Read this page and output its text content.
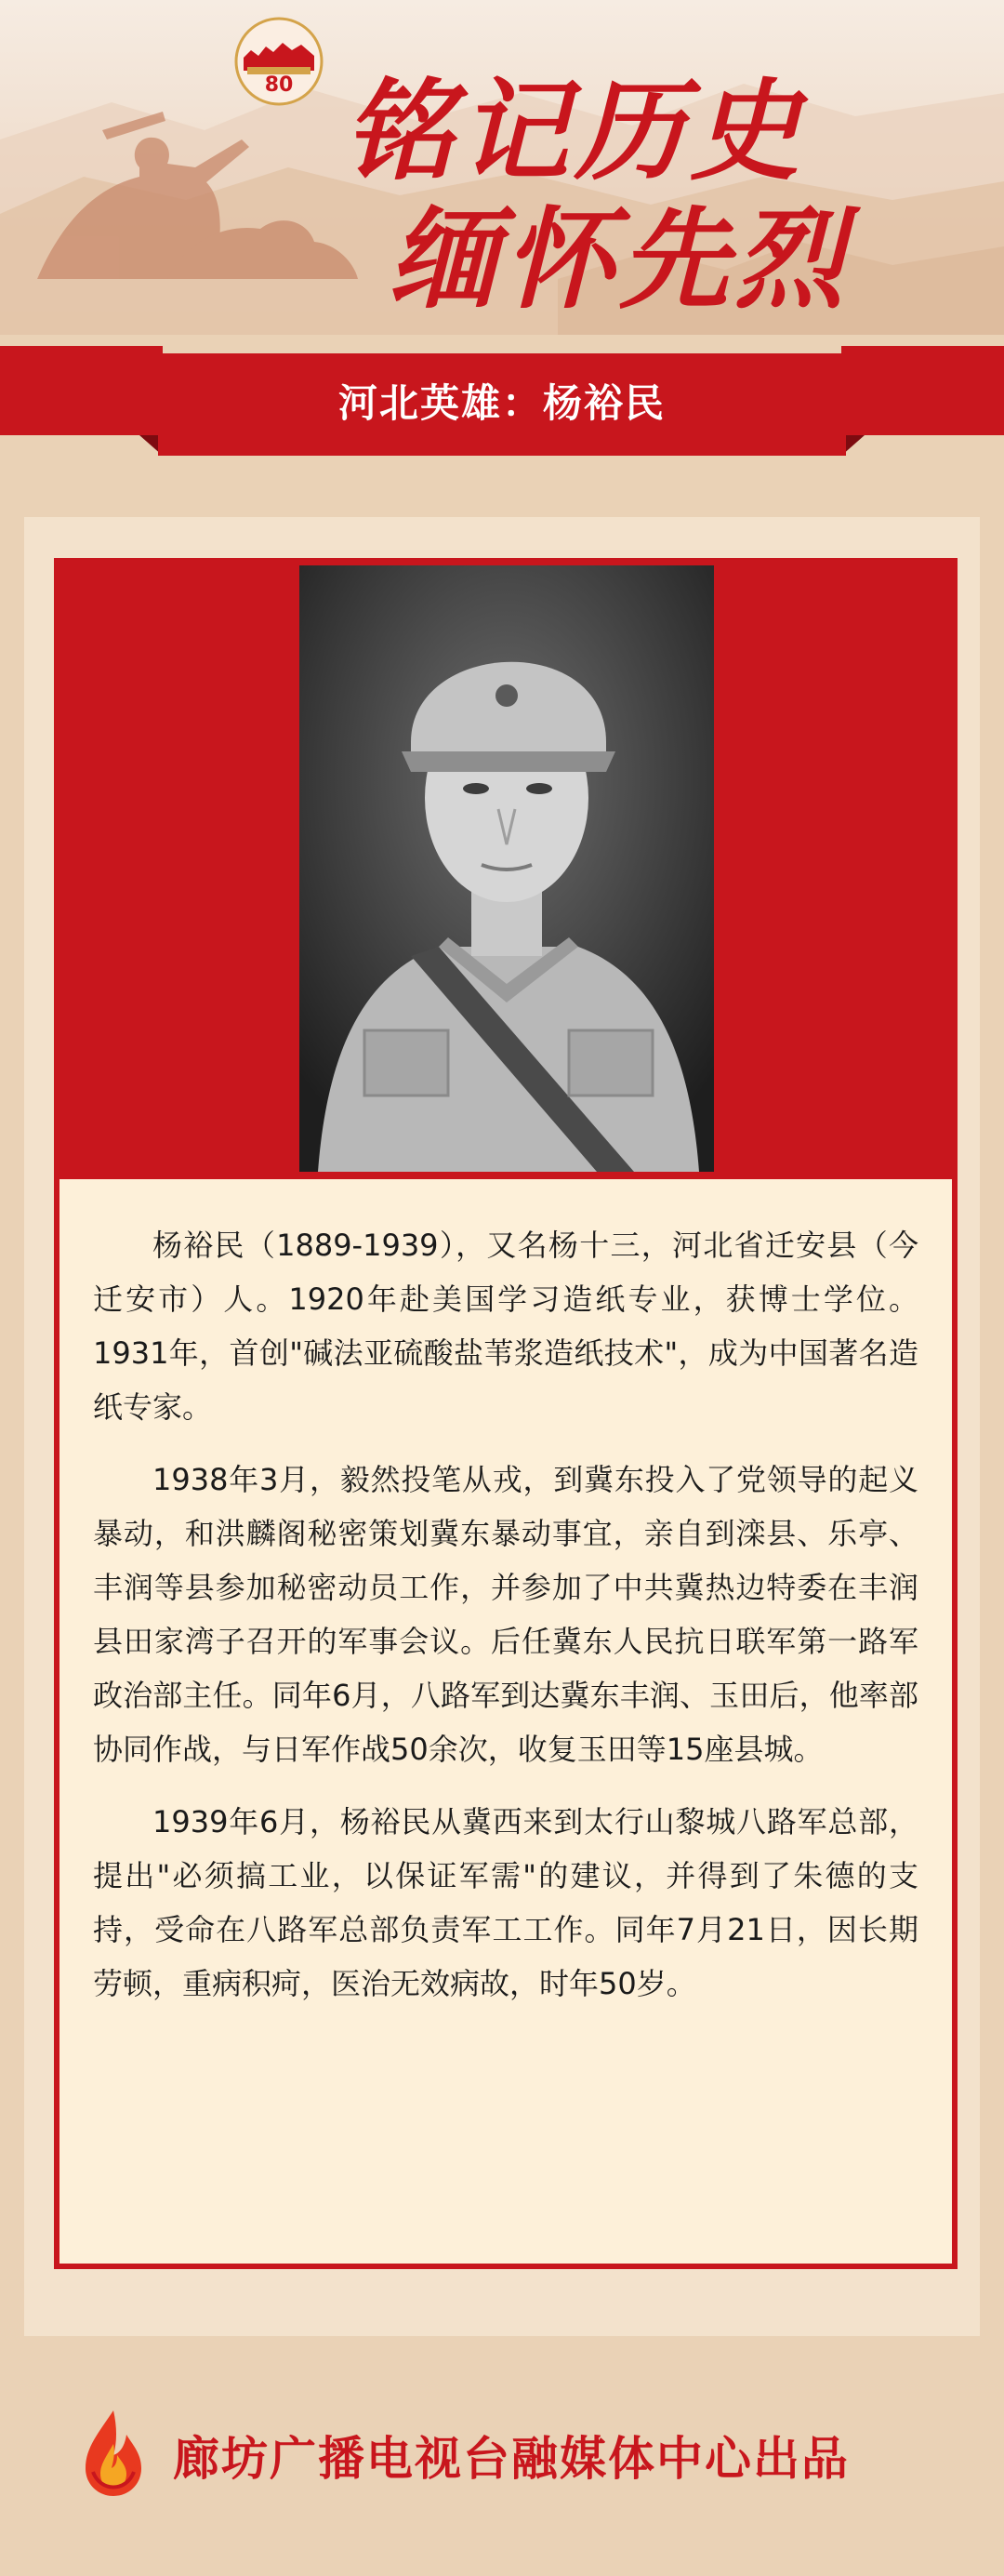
80 铭记历史
缅怀先烈
河北英雄：杨裕民

杨裕民（1889-1939），又名杨十三，河北省迁安县（今迁安市）人。1920年赴美国学习造纸专业，获博士学位。1931年，首创"碱法亚硫酸盐苇浆造纸技术"，成为中国著名造纸专家。

1938年3月，毅然投笔从戎，到冀东投入了党领导的起义暴动，和洪麟阁秘密策划冀东暴动事宜，亲自到滦县、乐亭、丰润等县参加秘密动员工作，并参加了中共冀热边特委在丰润县田家湾子召开的军事会议。后任冀东人民抗日联军第一路军政治部主任。同年6月，八路军到达冀东丰润、玉田后，他率部协同作战，与日军作战50余次，收复玉田等15座县城。

1939年6月，杨裕民从冀西来到太行山黎城八路军总部，提出"必须搞工业，以保证军需"的建议，并得到了朱德的支持，受命在八路军总部负责军工工作。同年7月21日，因长期劳顿，重病积疴，医治无效病故，时年50岁。

廊坊广播电视台融媒体中心出品
